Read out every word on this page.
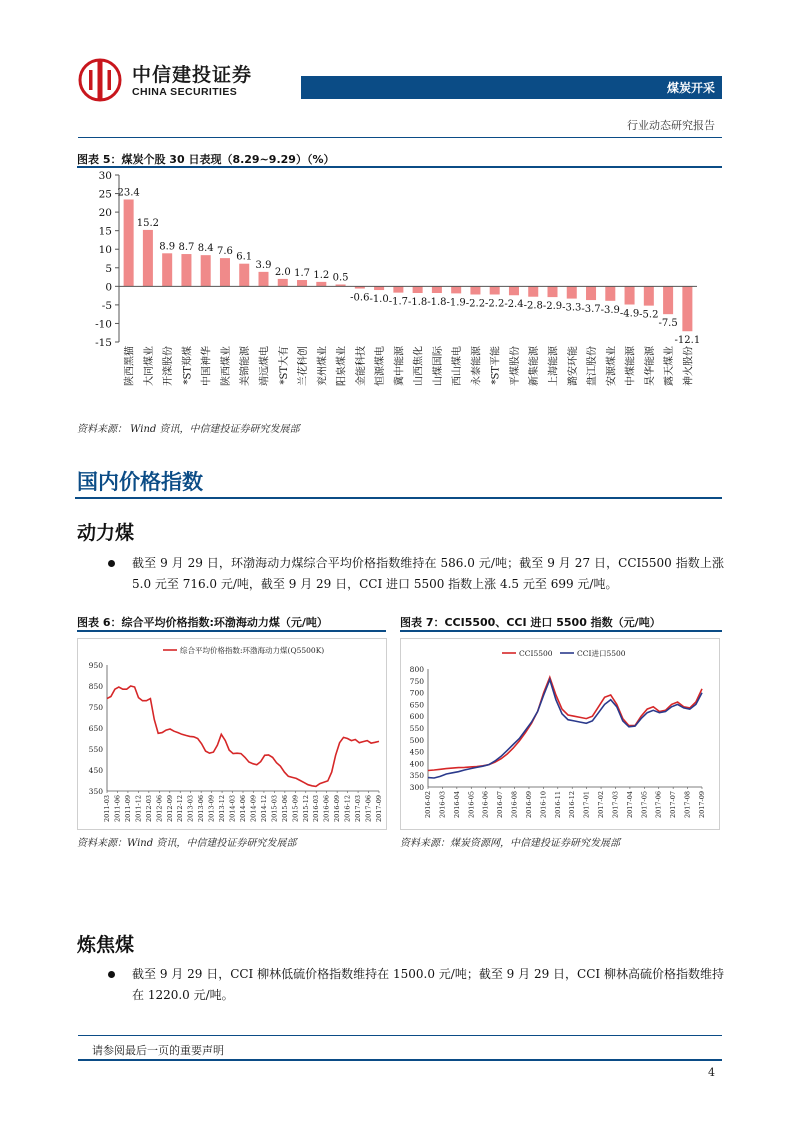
中信建投证券
CHINA SECURITIES	煤炭开采
行业动态研究报告
图表 5：煤炭个股 30 日表现（8.29~9.29）（%）
30
25
20
15
10
5
0
-5
-10
-15
23.4
陕西黑猫
15.2
大同煤业
8.9
开滦股份
8.7
*ST郑煤
8.4
中国神华
7.6
陕西煤业
6.1
美锦能源
3.9
靖远煤电
2.0
*ST大有
1.7
兰花科创
1.2
兖州煤业
0.5
阳泉煤业
-0.6
金能科技
-1.0
恒源煤电
-1.7
冀中能源
-1.8
山西焦化
-1.8
山煤国际
-1.9
西山煤电
-2.2
永泰能源
-2.2
*ST平能
-2.4
平煤股份
-2.8
新集能源
-2.9
上海能源
-3.3
潞安环能
-3.7
盘江股份
-3.9
安源煤业
-4.9
中煤能源
-5.2
昊华能源
-7.5
露天煤业
-12.1
神火股份
资料来源： Wind 资讯，中信建投证券研究发展部
国内价格指数
动力煤
截至 9 月 29 日，环渤海动力煤综合平均价格指数维持在 586.0 元/吨；截至 9 月 27 日，CCI5500 指数上涨 5.0 元至 716.0 元/吨，截至 9 月 29 日，CCI 进口 5500 指数上涨 4.5 元至 699 元/吨。
图表 6：综合平均价格指数:环渤海动力煤（元/吨）	图表 7：CCI5500、CCI 进口 5500 指数（元/吨）
950
850
750
650
550
450
350
2011-03 2011-06 2011-09 2011-12 2012-03 2012-06 2012-09 2012-12 2013-03 2013-06 2013-09 2013-12 2014-03 2014-06 2014-09 2014-12 2015-03 2015-06 2015-09 2015-12 2016-03 2016-06 2016-09 2016-12 2017-03 2017-06 2017-09
综合平均价格指数:环渤海动力煤(Q5500K)
800
750
700
650
600
550
500
450
400
350
300
2016-02 2016-03 2016-04 2016-05 2016-06 2016-07 2016-08 2016-09 2016-10 2016-11 2016-12 2017-01 2017-02 2017-03 2017-04 2017-05 2017-06 2017-07 2017-08 2017-09
CCI5500	CCI进口5500
资料来源：Wind 资讯，中信建投证券研究发展部	资料来源：煤炭资源网，中信建投证券研究发展部
炼焦煤
截至 9 月 29 日，CCI 柳林低硫价格指数维持在 1500.0 元/吨；截至 9 月 29 日，CCI 柳林高硫价格指数维持在 1220.0 元/吨。
请参阅最后一页的重要声明
4
